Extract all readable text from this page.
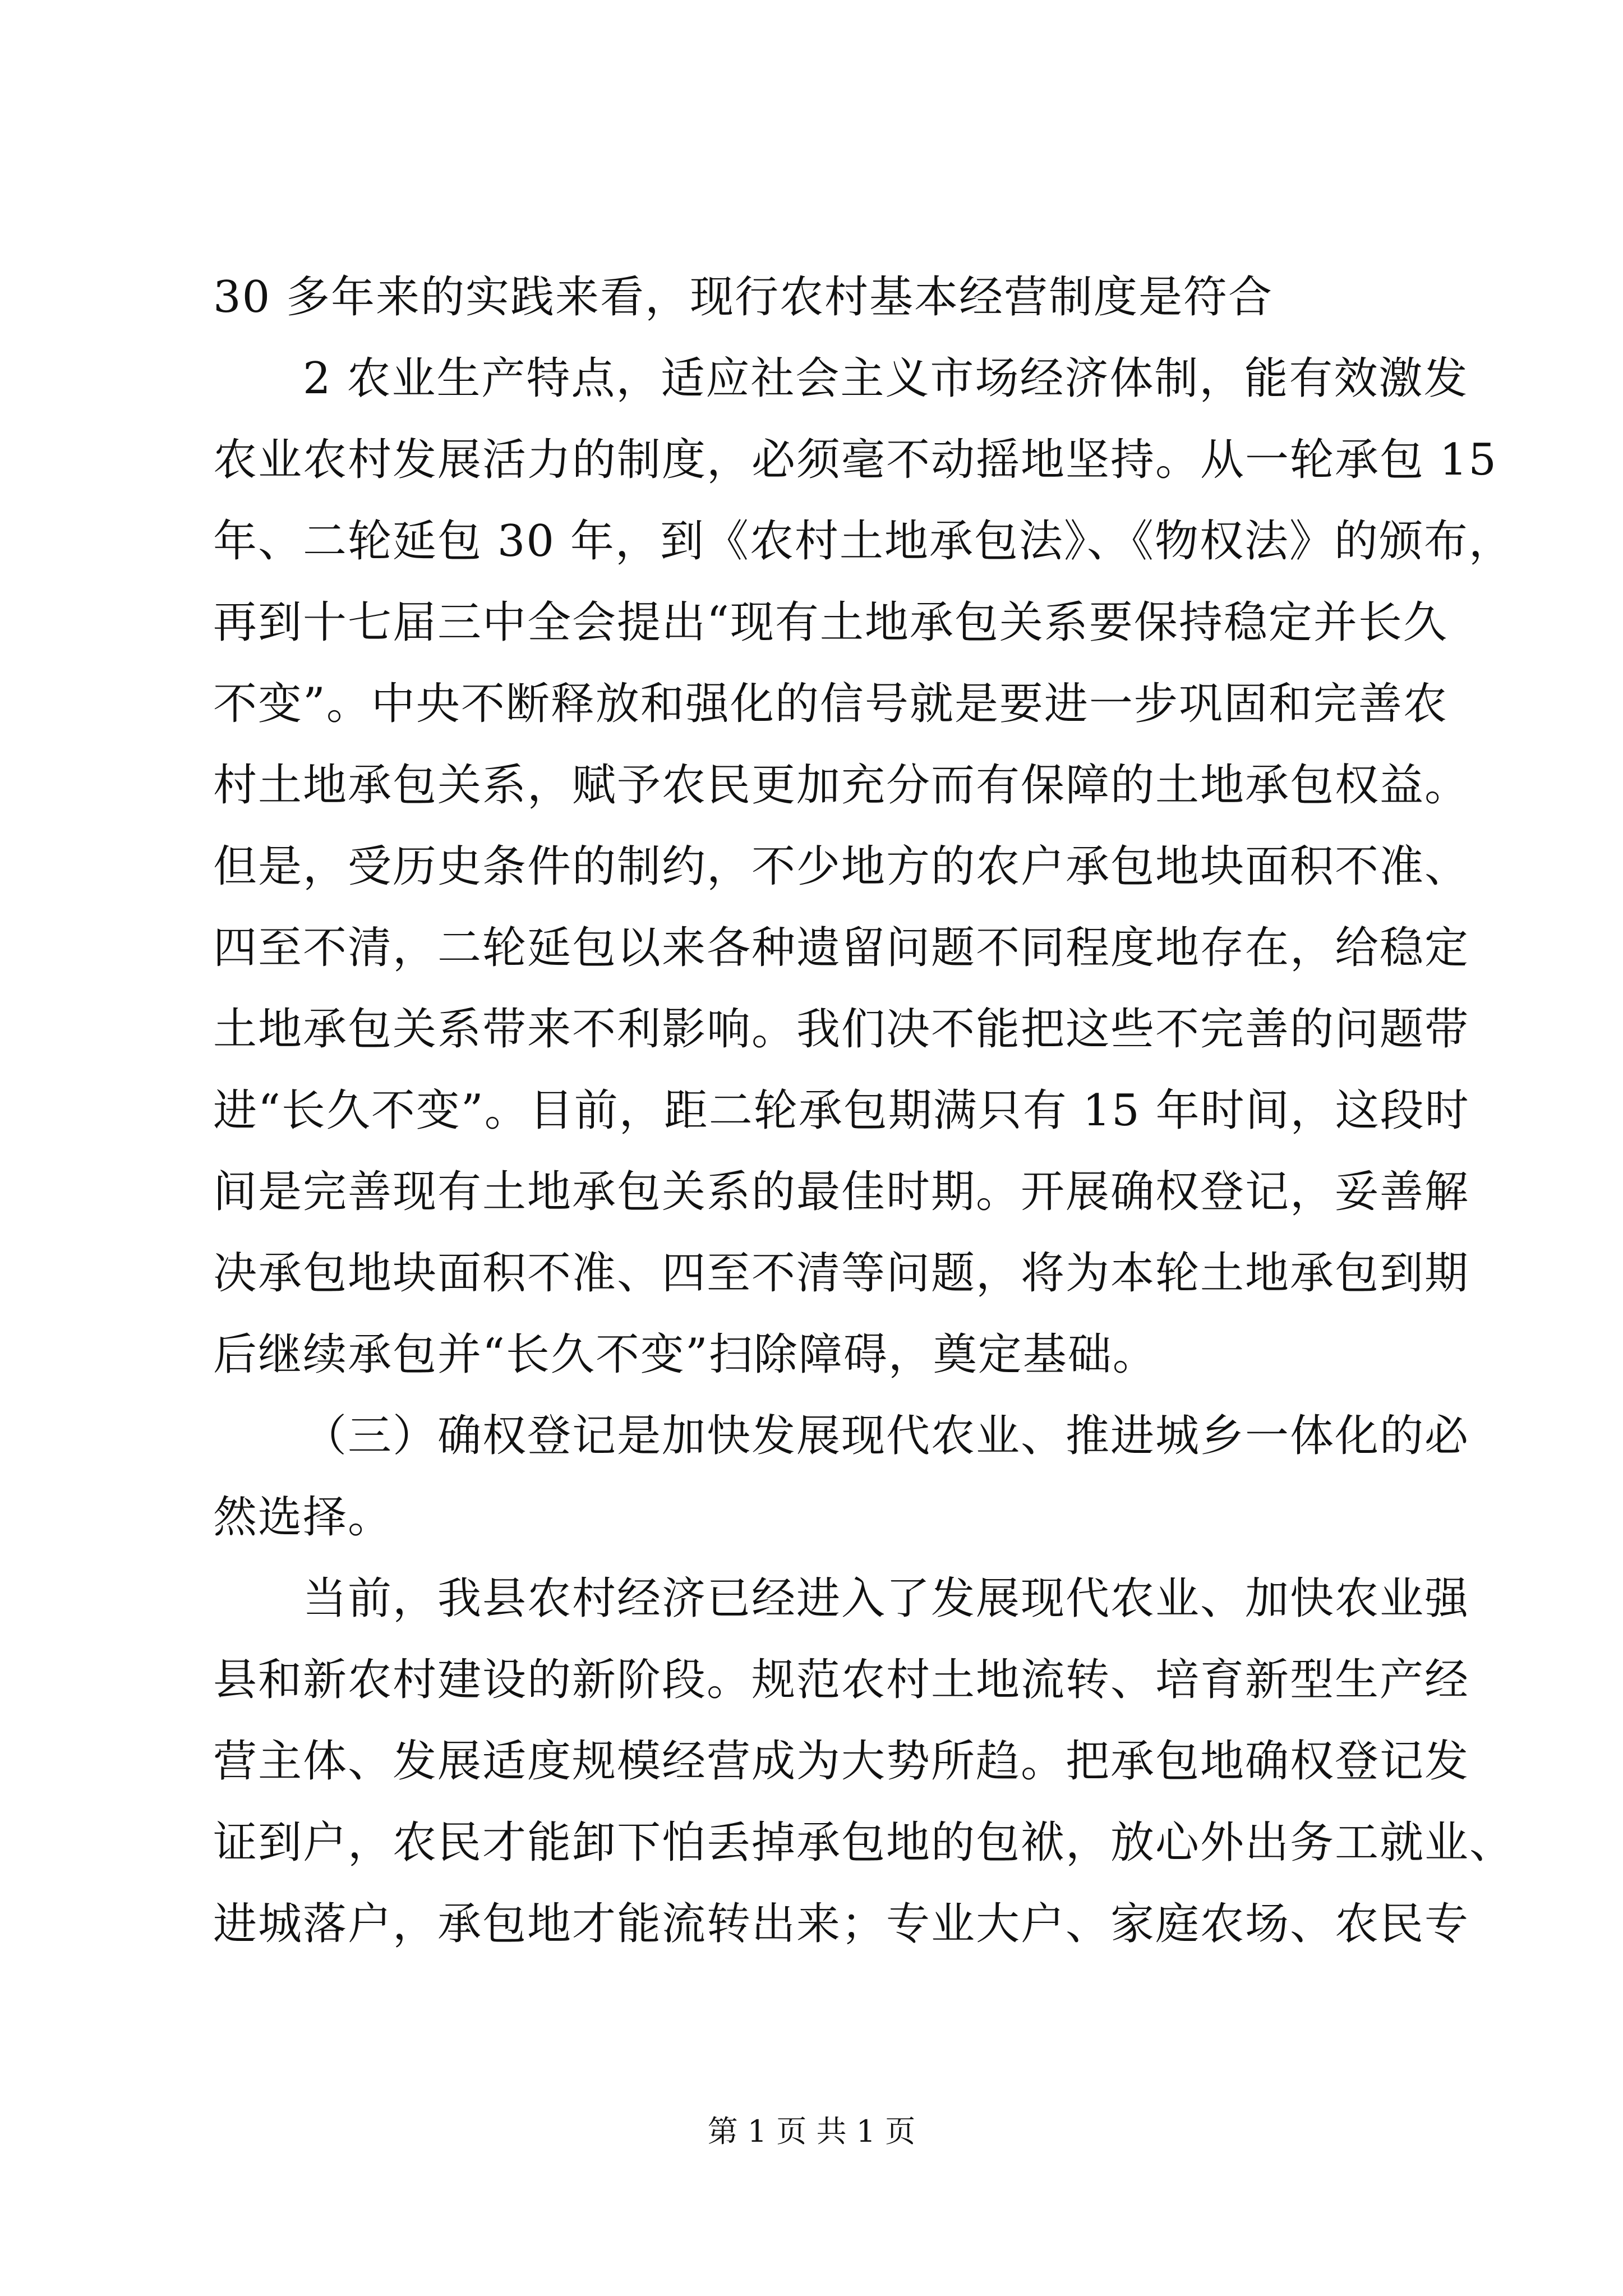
30 多年来的实践来看，现行农村基本经营制度是符合
2 农业生产特点，适应社会主义市场经济体制，能有效激发
农业农村发展活力的制度，必须毫不动摇地坚持。从一轮承包 15
年、二轮延包 30 年，到《农村土地承包法》、《物权法》的颁布，
再到十七届三中全会提出“现有土地承包关系要保持稳定并长久
不变”。中央不断释放和强化的信号就是要进一步巩固和完善农
村土地承包关系，赋予农民更加充分而有保障的土地承包权益。
但是，受历史条件的制约，不少地方的农户承包地块面积不准、
四至不清，二轮延包以来各种遗留问题不同程度地存在，给稳定
土地承包关系带来不利影响。我们决不能把这些不完善的问题带
进“长久不变”。目前，距二轮承包期满只有 15 年时间，这段时
间是完善现有土地承包关系的最佳时期。开展确权登记，妥善解
决承包地块面积不准、四至不清等问题，将为本轮土地承包到期
后继续承包并“长久不变”扫除障碍，奠定基础。
（三）确权登记是加快发展现代农业、推进城乡一体化的必
然选择。
当前，我县农村经济已经进入了发展现代农业、加快农业强
县和新农村建设的新阶段。规范农村土地流转、培育新型生产经
营主体、发展适度规模经营成为大势所趋。把承包地确权登记发
证到户，农民才能卸下怕丢掉承包地的包袱，放心外出务工就业、
进城落户，承包地才能流转出来；专业大户、家庭农场、农民专
第 1 页 共 1 页
